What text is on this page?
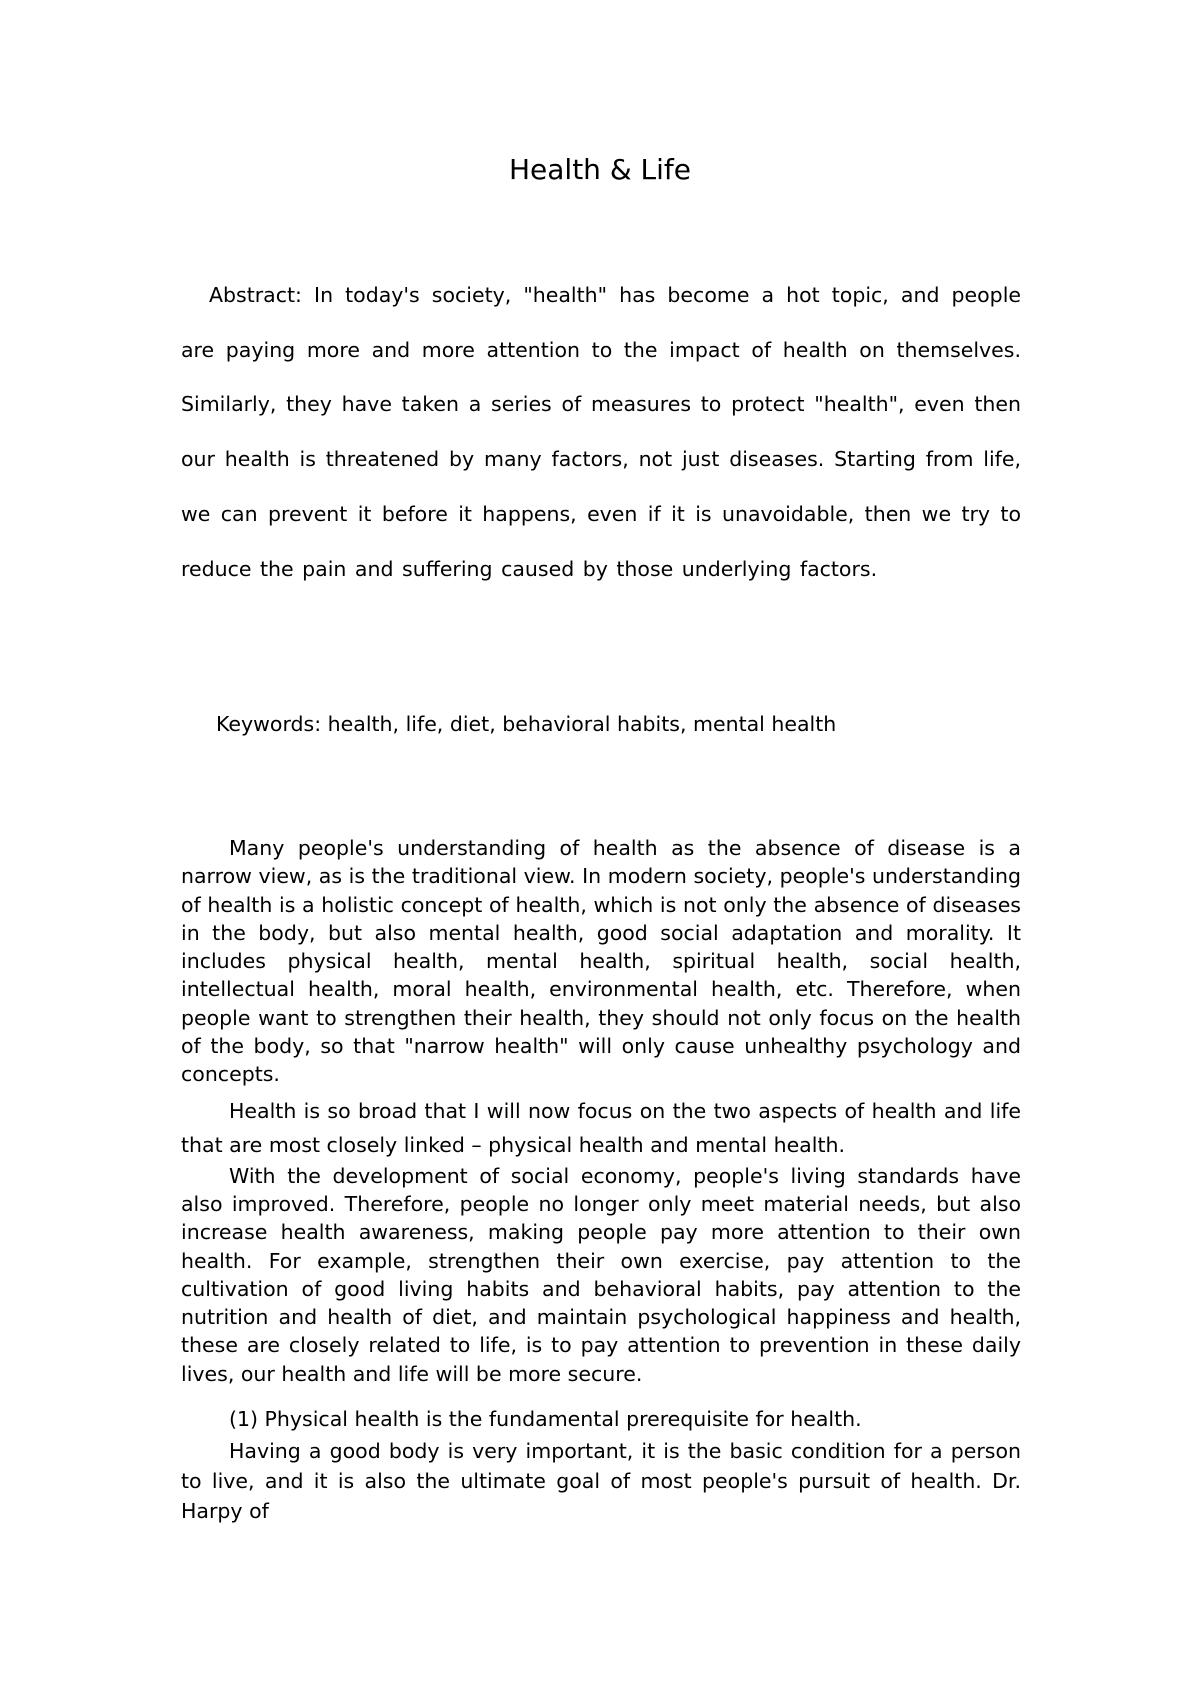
Health & Life

Abstract: In today's society, "health" has become a hot topic, and people are paying more and more attention to the impact of health on themselves. Similarly, they have taken a series of measures to protect "health", even then our health is threatened by many factors, not just diseases. Starting from life, we can prevent it before it happens, even if it is unavoidable, then we try to reduce the pain and suffering caused by those underlying factors.

Keywords: health, life, diet, behavioral habits, mental health

Many people's understanding of health as the absence of disease is a narrow view, as is the traditional view. In modern society, people's understanding of health is a holistic concept of health, which is not only the absence of diseases in the body, but also mental health, good social adaptation and morality. It includes physical health, mental health, spiritual health, social health, intellectual health, moral health, environmental health, etc. Therefore, when people want to strengthen their health, they should not only focus on the health of the body, so that "narrow health" will only cause unhealthy psychology and concepts.

Health is so broad that I will now focus on the two aspects of health and life that are most closely linked – physical health and mental health.

With the development of social economy, people's living standards have also improved. Therefore, people no longer only meet material needs, but also increase health awareness, making people pay more attention to their own health. For example, strengthen their own exercise, pay attention to the cultivation of good living habits and behavioral habits, pay attention to the nutrition and health of diet, and maintain psychological happiness and health, these are closely related to life, is to pay attention to prevention in these daily lives, our health and life will be more secure.

(1) Physical health is the fundamental prerequisite for health.

Having a good body is very important, it is the basic condition for a person to live, and it is also the ultimate goal of most people's pursuit of health. Dr. Harpy of
